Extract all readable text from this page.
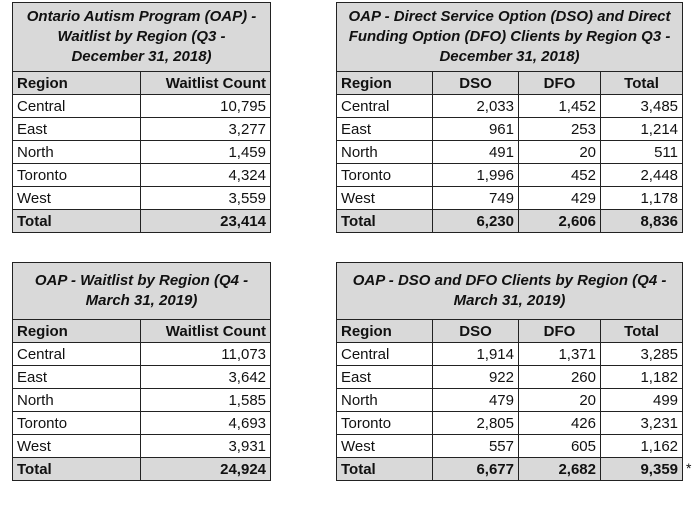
Ontario Autism Program (OAP) -
Waitlist by Region (Q3 -
December 31, 2018)	
Region	Waitlist Count
Central	10,795
East	3,277
North	1,459
Toronto	4,324
West	3,559
Total	23,414
OAP - Direct Service Option (DSO) and Direct
Funding Option (DFO) Clients by Region Q3 -
December 31, 2018)			
Region	DSO	DFO	Total
Central	2,033	1,452	3,485
East	961	253	1,214
North	491	20	511
Toronto	1,996	452	2,448
West	749	429	1,178
Total	6,230	2,606	8,836
OAP - Waitlist by Region (Q4 -
March 31, 2019)	
Region	Waitlist Count
Central	11,073
East	3,642
North	1,585
Toronto	4,693
West	3,931
Total	24,924
OAP - DSO and DFO Clients by Region (Q4 -
March 31, 2019)			
Region	DSO	DFO	Total
Central	1,914	1,371	3,285
East	922	260	1,182
North	479	20	499
Toronto	2,805	426	3,231
West	557	605	1,162
Total	6,677	2,682	9,359 *
